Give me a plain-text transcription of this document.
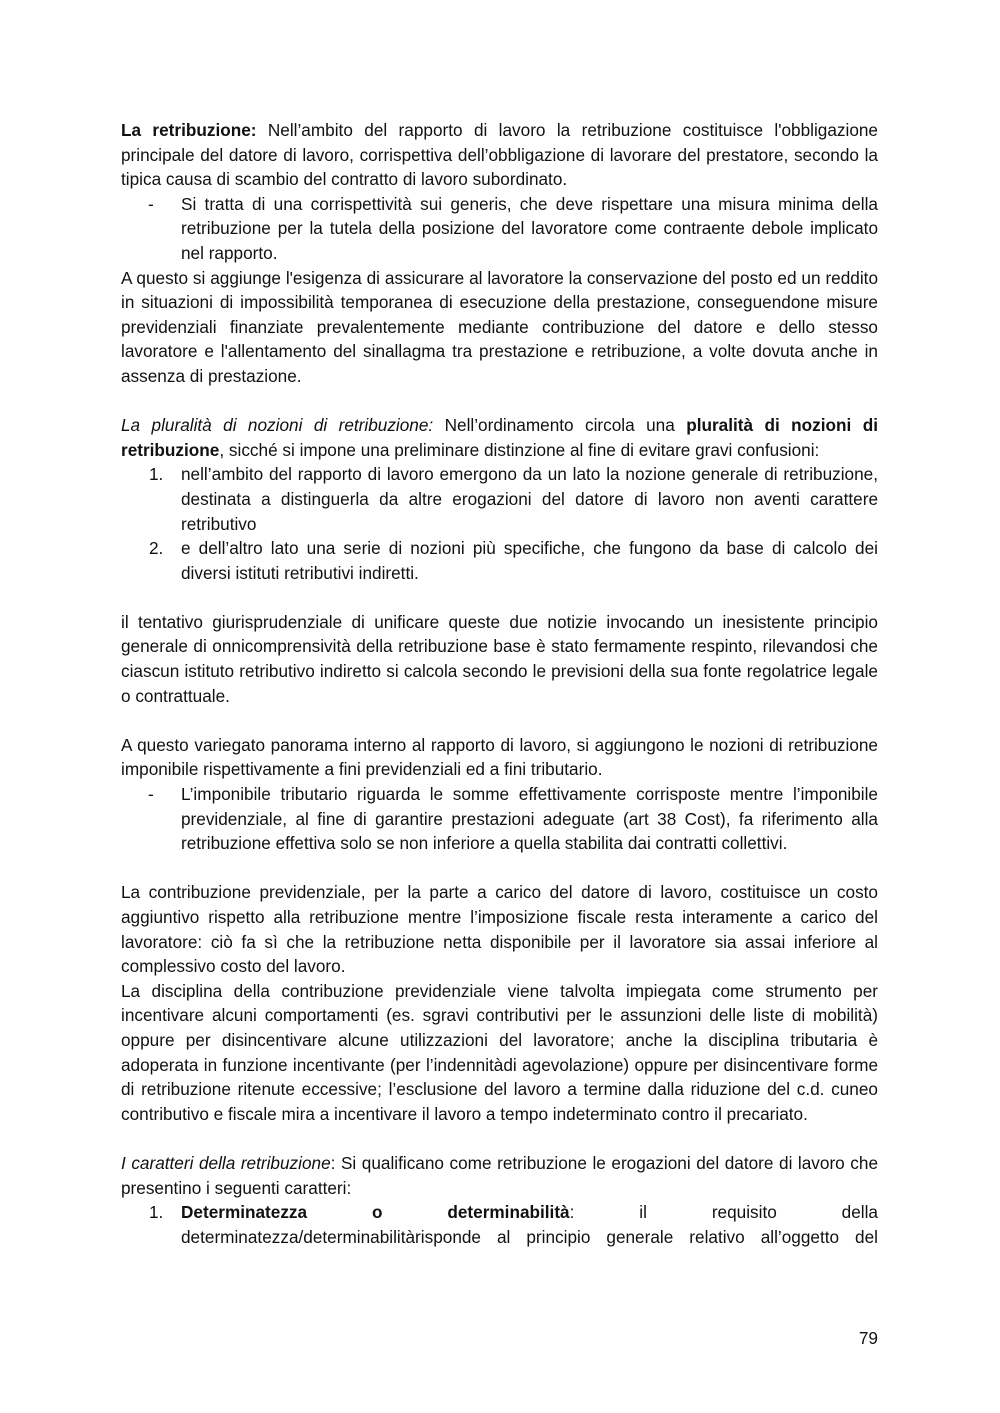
La retribuzione: Nell’ambito del rapporto di lavoro la retribuzione costituisce l'obbligazione principale del datore di lavoro, corrispettiva dell’obbligazione di lavorare del prestatore, secondo la tipica causa di scambio del contratto di lavoro subordinato.

- Si tratta di una corrispettività sui generis, che deve rispettare una misura minima della retribuzione per la tutela della posizione del lavoratore come contraente debole implicato nel rapporto.

A questo si aggiunge l'esigenza di assicurare al lavoratore la conservazione del posto ed un reddito in situazioni di impossibilità temporanea di esecuzione della prestazione, conseguendone misure previdenziali finanziate prevalentemente mediante contribuzione del datore e dello stesso lavoratore e l'allentamento del sinallagma tra prestazione e retribuzione, a volte dovuta anche in assenza di prestazione.

La pluralità di nozioni di retribuzione: Nell’ordinamento circola una pluralità di nozioni di retribuzione, sicché si impone una preliminare distinzione al fine di evitare gravi confusioni:

1. nell’ambito del rapporto di lavoro emergono da un lato la nozione generale di retribuzione, destinata a distinguerla da altre erogazioni del datore di lavoro non aventi carattere retributivo
2. e dell’altro lato una serie di nozioni più specifiche, che fungono da base di calcolo dei diversi istituti retributivi indiretti.

il tentativo giurisprudenziale di unificare queste due notizie invocando un inesistente principio generale di onnicomprensività della retribuzione base è stato fermamente respinto, rilevandosi che ciascun istituto retributivo indiretto si calcola secondo le previsioni della sua fonte regolatrice legale o contrattuale.

A questo variegato panorama interno al rapporto di lavoro, si aggiungono le nozioni di retribuzione imponibile rispettivamente a fini previdenziali ed a fini tributario.

- L’imponibile tributario riguarda le somme effettivamente corrisposte mentre l’imponibile previdenziale, al fine di garantire prestazioni adeguate (art 38 Cost), fa riferimento alla retribuzione effettiva solo se non inferiore a quella stabilita dai contratti collettivi.

La contribuzione previdenziale, per la parte a carico del datore di lavoro, costituisce un costo aggiuntivo rispetto alla retribuzione mentre l’imposizione fiscale resta interamente a carico del lavoratore: ciò fa sì che la retribuzione netta disponibile per il lavoratore sia assai inferiore al complessivo costo del lavoro.

La disciplina della contribuzione previdenziale viene talvolta impiegata come strumento per incentivare alcuni comportamenti (es. sgravi contributivi per le assunzioni delle liste di mobilità) oppure per disincentivare alcune utilizzazioni del lavoratore; anche la disciplina tributaria è adoperata in funzione incentivante (per l’indennitàdi agevolazione) oppure per disincentivare forme di retribuzione ritenute eccessive; l’esclusione del lavoro a termine dalla riduzione del c.d. cuneo contributivo e fiscale mira a incentivare il lavoro a tempo indeterminato contro il precariato.

I caratteri della retribuzione: Si qualificano come retribuzione le erogazioni del datore di lavoro che presentino i seguenti caratteri:

1. Determinatezza o determinabilità: il requisito della determinatezza/determinabilitàrisponde al principio generale relativo all’oggetto del
79
